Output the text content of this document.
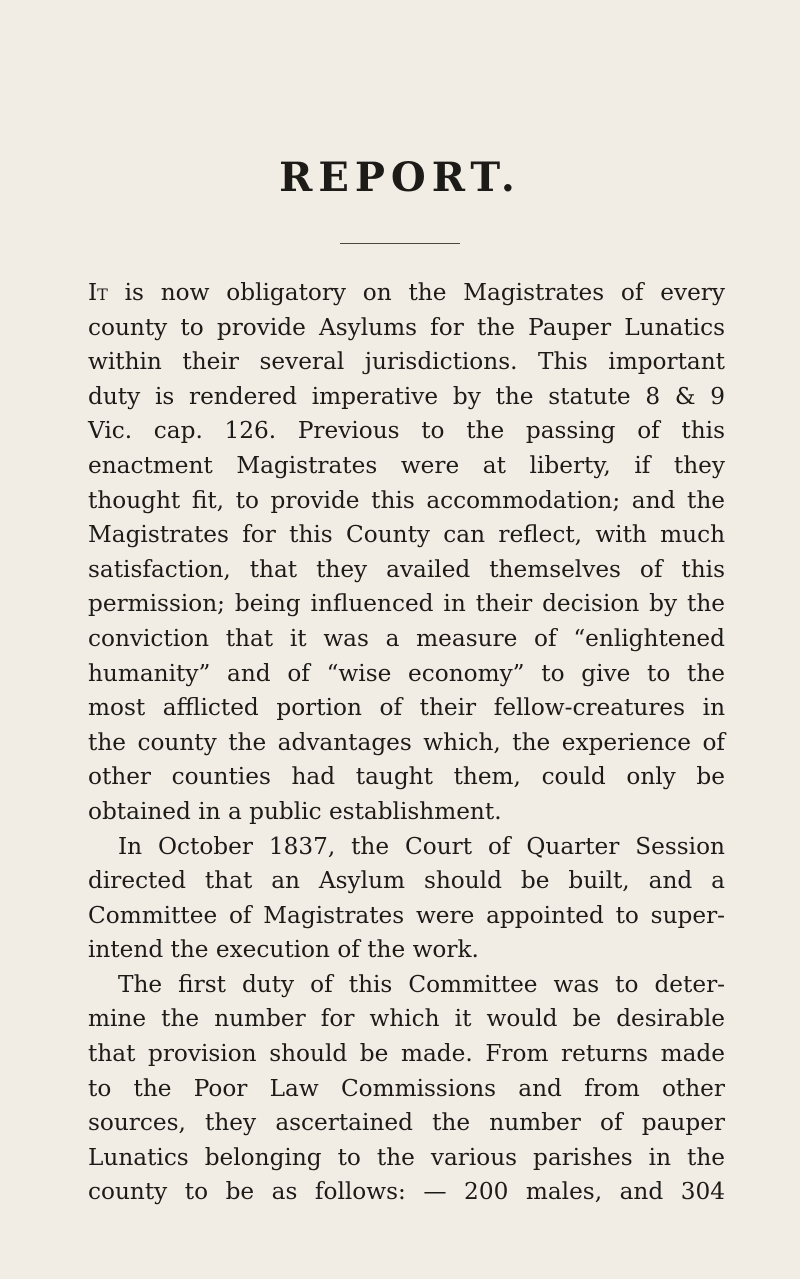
REPORT.
It is now obligatory on the Magistrates of every
county to provide Asylums for the Pauper Lunatics
within their several jurisdictions. This important
duty is rendered imperative by the statute 8 & 9
Vic. cap. 126. Previous to the passing of this
enactment Magistrates were at liberty, if they
thought fit, to provide this accommodation; and the
Magistrates for this County can reflect, with much
satisfaction, that they availed themselves of this
permission; being influenced in their decision by the
conviction that it was a measure of “enlightened
humanity” and of “wise economy” to give to the
most afflicted portion of their fellow-creatures in
the county the advantages which, the experience of
other counties had taught them, could only be
obtained in a public establishment.
In October 1837, the Court of Quarter Session
directed that an Asylum should be built, and a
Committee of Magistrates were appointed to super-
intend the execution of the work.
The first duty of this Committee was to deter-
mine the number for which it would be desirable
that provision should be made. From returns made
to the Poor Law Commissions and from other
sources, they ascertained the number of pauper
Lunatics belonging to the various parishes in the
county to be as follows: — 200 males, and 304
